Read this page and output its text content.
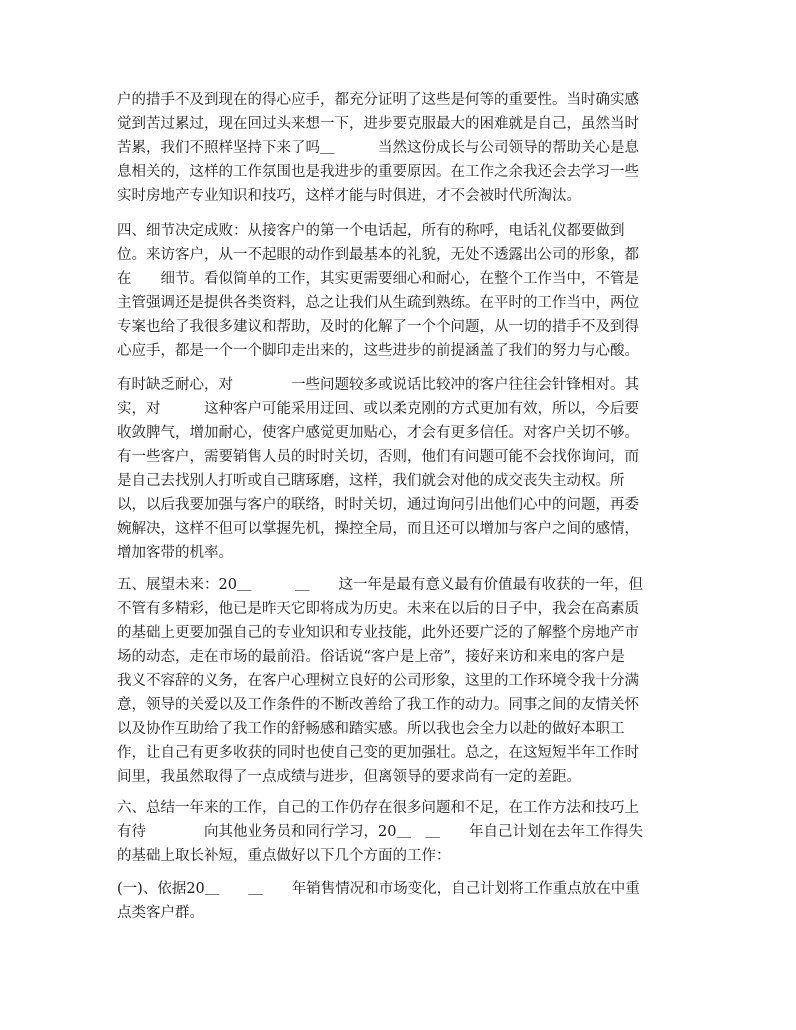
户的措手不及到现在的得心应手，都充分证明了这些是何等的重要性。当时确实感
觉到苦过累过，现在回过头来想一下，进步要克服最大的困难就是自己，虽然当时
苦累，我们不照样坚持下来了吗＿　　　当然这份成长与公司领导的帮助关心是息
息相关的，这样的工作氛围也是我进步的重要原因。在工作之余我还会去学习一些
实时房地产专业知识和技巧，这样才能与时俱进，才不会被时代所淘汰。
四、细节决定成败：从接客户的第一个电话起，所有的称呼，电话礼仪都要做到
位。来访客户，从一不起眼的动作到最基本的礼貌，无处不透露出公司的形象，都
在　　细节。看似简单的工作，其实更需要细心和耐心，在整个工作当中，不管是
主管强调还是提供各类资料，总之让我们从生疏到熟练。在平时的工作当中，两位
专案也给了我很多建议和帮助，及时的化解了一个个问题，从一切的措手不及到得
心应手，都是一个一个脚印走出来的，这些进步的前提涵盖了我们的努力与心酸。
有时缺乏耐心，对　　　　一些问题较多或说话比较冲的客户往往会针锋相对。其
实，对　　　这种客户可能采用迂回、或以柔克刚的方式更加有效，所以，今后要
收敛脾气，增加耐心，使客户感觉更加贴心，才会有更多信任。对客户关切不够。
有一些客户，需要销售人员的时时关切，否则，他们有问题可能不会找你询问，而
是自己去找别人打听或自己瞎琢磨，这样，我们就会对他的成交丧失主动权。所
以，以后我要加强与客户的联络，时时关切，通过询问引出他们心中的问题，再委
婉解决，这样不但可以掌握先机，操控全局，而且还可以增加与客户之间的感情，
增加客带的机率。
五、展望未来：20＿　　　＿　　这一年是最有意义最有价值最有收获的一年，但
不管有多精彩，他已是昨天它即将成为历史。未来在以后的日子中，我会在高素质
的基础上更要加强自己的专业知识和专业技能，此外还要广泛的了解整个房地产市
场的动态，走在市场的最前沿。俗话说“客户是上帝”，接好来访和来电的客户是
我义不容辞的义务，在客户心理树立良好的公司形象，这里的工作环境令我十分满
意，领导的关爱以及工作条件的不断改善给了我工作的动力。同事之间的友情关怀
以及协作互助给了我工作的舒畅感和踏实感。所以我也会全力以赴的做好本职工
作，让自己有更多收获的同时也使自己变的更加强壮。总之，在这短短半年工作时
间里，我虽然取得了一点成绩与进步，但离领导的要求尚有一定的差距。
六、总结一年来的工作，自己的工作仍存在很多问题和不足，在工作方法和技巧上
有待　　　　向其他业务员和同行学习，20＿　＿　　年自己计划在去年工作得失
的基础上取长补短，重点做好以下几个方面的工作：
(一)、依据20＿　　＿　　年销售情况和市场变化，自己计划将工作重点放在中重
点类客户群。
